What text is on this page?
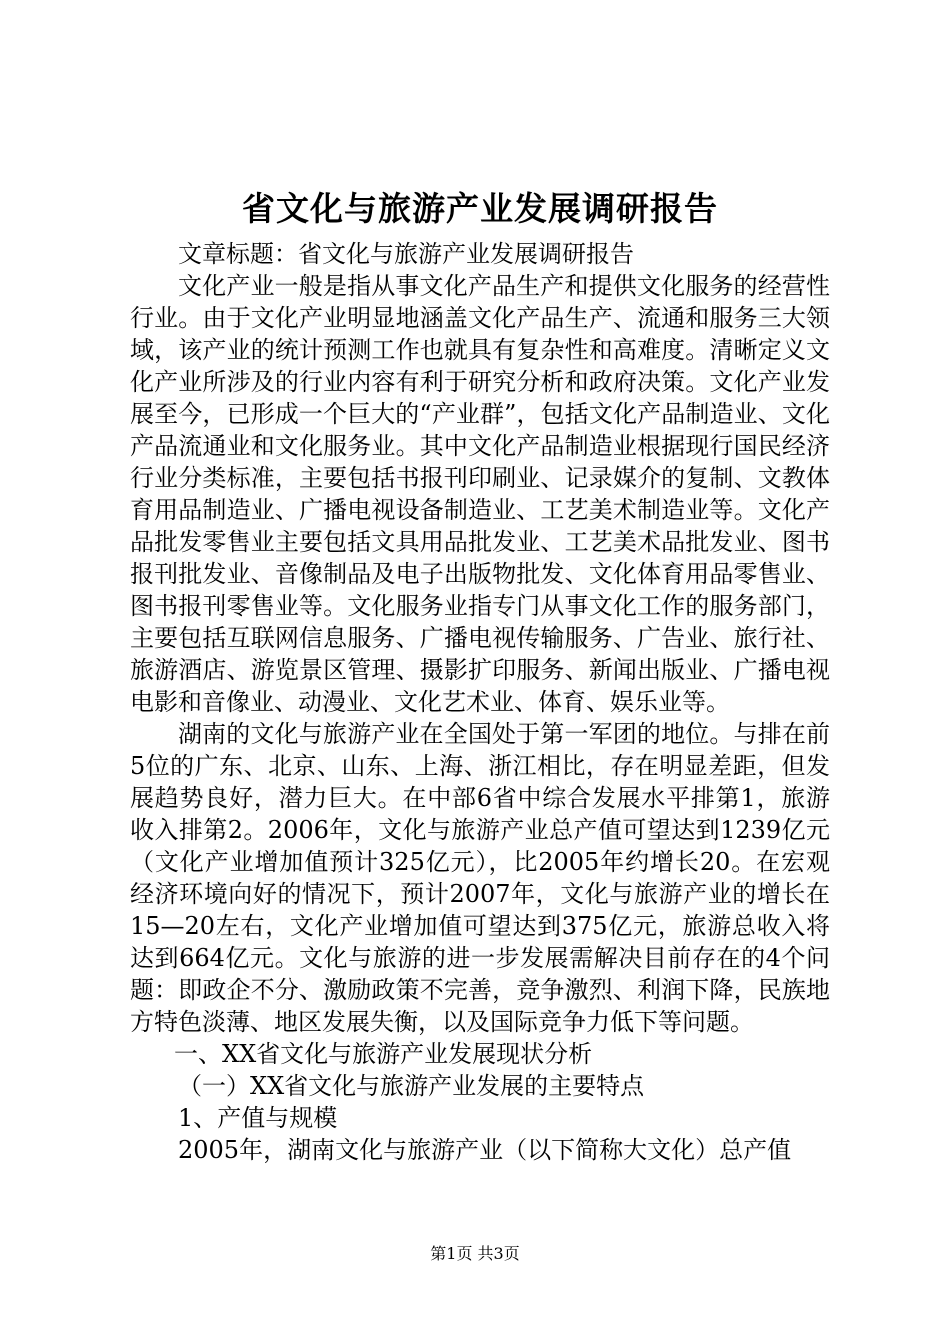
省文化与旅游产业发展调研报告

文章标题：省文化与旅游产业发展调研报告

文化产业一般是指从事文化产品生产和提供文化服务的经营性行业。由于文化产业明显地涵盖文化产品生产、流通和服务三大领域，该产业的统计预测工作也就具有复杂性和高难度。清晰定义文化产业所涉及的行业内容有利于研究分析和政府决策。文化产业发展至今，已形成一个巨大的“产业群”，包括文化产品制造业、文化产品流通业和文化服务业。其中文化产品制造业根据现行国民经济行业分类标准，主要包括书报刊印刷业、记录媒介的复制、文教体育用品制造业、广播电视设备制造业、工艺美术制造业等。文化产品批发零售业主要包括文具用品批发业、工艺美术品批发业、图书报刊批发业、音像制品及电子出版物批发、文化体育用品零售业、图书报刊零售业等。文化服务业指专门从事文化工作的服务部门，主要包括互联网信息服务、广播电视传输服务、广告业、旅行社、旅游酒店、游览景区管理、摄影扩印服务、新闻出版业、广播电视电影和音像业、动漫业、文化艺术业、体育、娱乐业等。

湖南的文化与旅游产业在全国处于第一军团的地位。与排在前5位的广东、北京、山东、上海、浙江相比，存在明显差距，但发展趋势良好，潜力巨大。在中部6省中综合发展水平排第1，旅游收入排第2。2006年，文化与旅游产业总产值可望达到1239亿元（文化产业增加值预计325亿元），比2005年约增长20。在宏观经济环境向好的情况下，预计2007年，文化与旅游产业的增长在15—20左右，文化产业增加值可望达到375亿元，旅游总收入将达到664亿元。文化与旅游的进一步发展需解决目前存在的4个问题：即政企不分、激励政策不完善，竞争激烈、利润下降，民族地方特色淡薄、地区发展失衡，以及国际竞争力低下等问题。

一、XX省文化与旅游产业发展现状分析

（一）XX省文化与旅游产业发展的主要特点

1、产值与规模

2005年，湖南文化与旅游产业（以下简称大文化）总产值

第1页 共3页
